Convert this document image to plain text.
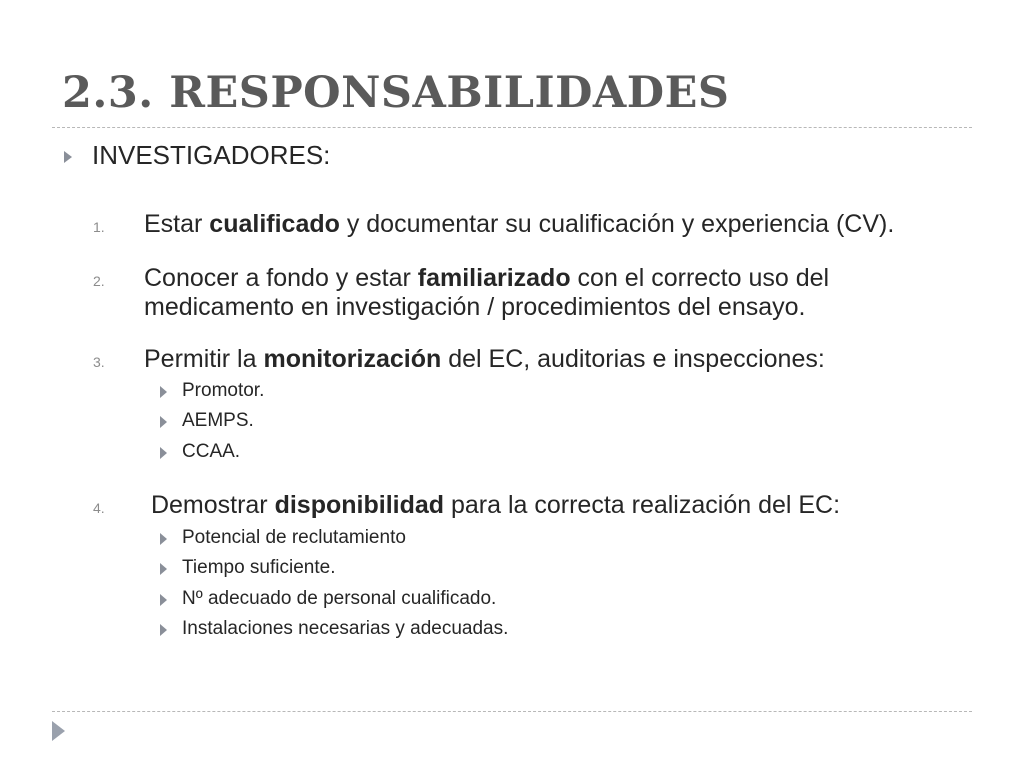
2.3. RESPONSABILIDADES
INVESTIGADORES:
1. Estar cualificado y documentar su cualificación y experiencia (CV).
2. Conocer a fondo y estar familiarizado con el correcto uso del medicamento en investigación / procedimientos del ensayo.
3. Permitir la monitorización del EC, auditorias e inspecciones:
Promotor.
AEMPS.
CCAA.
4. Demostrar disponibilidad para la correcta realización del EC:
Potencial de reclutamiento
Tiempo suficiente.
Nº adecuado de personal cualificado.
Instalaciones necesarias y adecuadas.
